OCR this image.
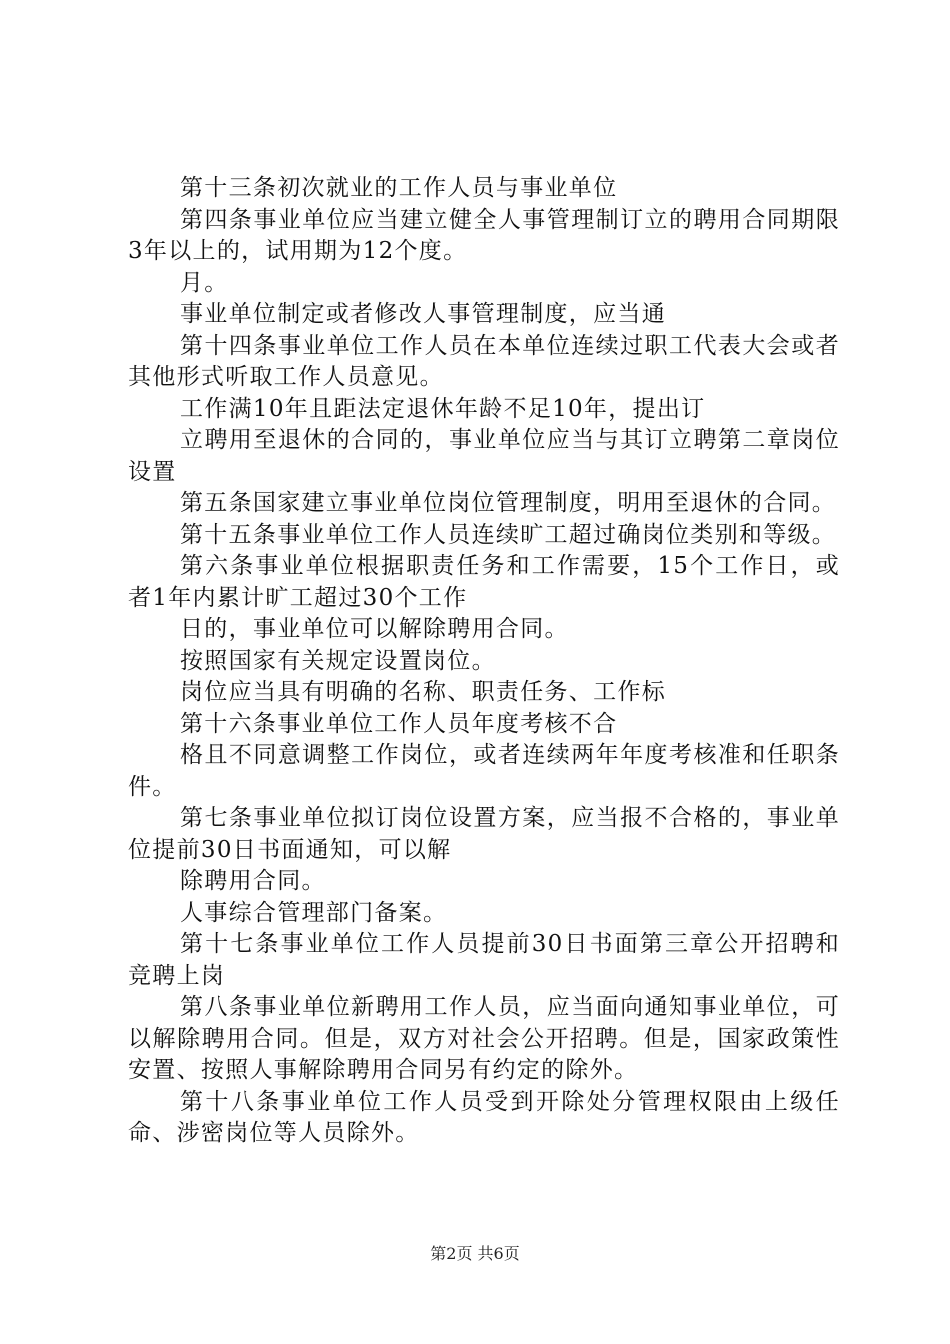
第十三条初次就业的工作人员与事业单位

第四条事业单位应当建立健全人事管理制订立的聘用合同期限3年以上的，试用期为12个度。

月。

事业单位制定或者修改人事管理制度，应当通

第十四条事业单位工作人员在本单位连续过职工代表大会或者其他形式听取工作人员意见。

工作满10年且距法定退休年龄不足10年，提出订

立聘用至退休的合同的，事业单位应当与其订立聘第二章岗位设置

第五条国家建立事业单位岗位管理制度，明用至退休的合同。

第十五条事业单位工作人员连续旷工超过确岗位类别和等级。

第六条事业单位根据职责任务和工作需要，15个工作日，或者1年内累计旷工超过30个工作

日的，事业单位可以解除聘用合同。

按照国家有关规定设置岗位。

岗位应当具有明确的名称、职责任务、工作标

第十六条事业单位工作人员年度考核不合

格且不同意调整工作岗位，或者连续两年年度考核准和任职条件。

第七条事业单位拟订岗位设置方案，应当报不合格的，事业单位提前30日书面通知，可以解

除聘用合同。

人事综合管理部门备案。

第十七条事业单位工作人员提前30日书面第三章公开招聘和竞聘上岗

第八条事业单位新聘用工作人员，应当面向通知事业单位，可以解除聘用合同。但是，双方对社会公开招聘。但是，国家政策性安置、按照人事解除聘用合同另有约定的除外。

第十八条事业单位工作人员受到开除处分管理权限由上级任命、涉密岗位等人员除外。

第2页 共6页
